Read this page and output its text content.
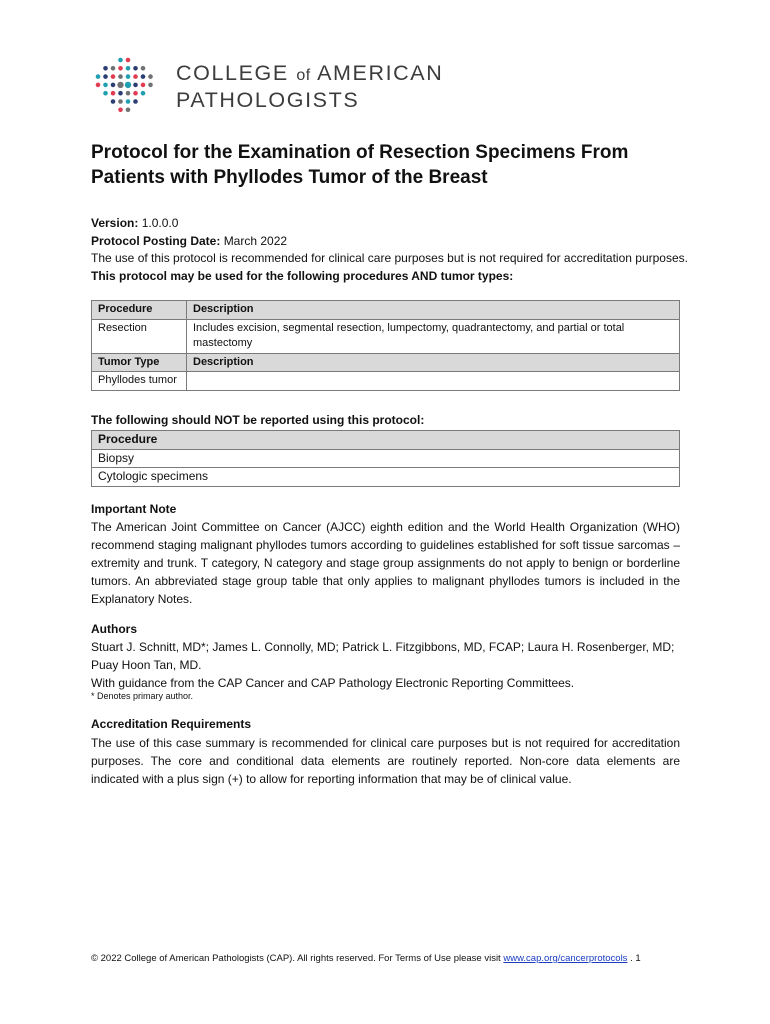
COLLEGE of AMERICAN
PATHOLOGISTS
Protocol for the Examination of Resection Specimens From Patients with Phyllodes Tumor of the Breast

Version: 1.0.0.0

Protocol Posting Date: March 2022

The use of this protocol is recommended for clinical care purposes but is not required for accreditation purposes.

This protocol may be used for the following procedures AND tumor types:

Procedure	Description
Resection	Includes excision, segmental resection, lumpectomy, quadrantectomy, and partial or total mastectomy
Tumor Type	Description
Phyllodes tumor	

The following should NOT be reported using this protocol:

Procedure
Biopsy
Cytologic specimens

Important Note

The American Joint Committee on Cancer (AJCC) eighth edition and the World Health Organization (WHO) recommend staging malignant phyllodes tumors according to guidelines established for soft tissue sarcomas – extremity and trunk. T category, N category and stage group assignments do not apply to benign or borderline tumors. An abbreviated stage group table that only applies to malignant phyllodes tumors is included in the Explanatory Notes.

Authors

Stuart J. Schnitt, MD*; James L. Connolly, MD; Patrick L. Fitzgibbons, MD, FCAP; Laura H. Rosenberger, MD; Puay Hoon Tan, MD.

With guidance from the CAP Cancer and CAP Pathology Electronic Reporting Committees.

* Denotes primary author.

Accreditation Requirements

The use of this case summary is recommended for clinical care purposes but is not required for accreditation purposes. The core and conditional data elements are routinely reported. Non-core data elements are indicated with a plus sign (+) to allow for reporting information that may be of clinical value.

© 2022 College of American Pathologists (CAP). All rights reserved. For Terms of Use please visit www.cap.org/cancerprotocols . 1
